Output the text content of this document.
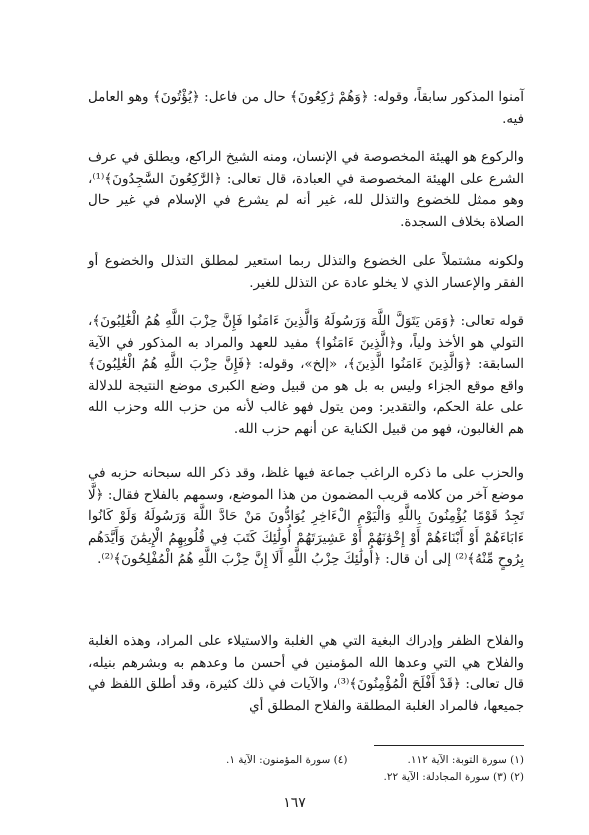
آمنوا المذكور سابقاً، وقوله: ﴿وَهُمْ رَٰكِعُونَ﴾ حال من فاعل: ﴿يُؤْتُونَ﴾ وهو العامل فيه.

والركوع هو الهيئة المخصوصة في الإنسان، ومنه الشيخ الراكع، ويطلق في عرف الشرع على الهيئة المخصوصة في العبادة، قال تعالى: ﴿الرَّٰكِعُونَ السَّٰجِدُونَ﴾⁽¹⁾، وهو ممثل للخضوع والتذلل لله، غير أنه لم يشرع في الإسلام في غير حال الصلاة بخلاف السجدة.

ولكونه مشتملاً على الخضوع والتذلل ربما استعير لمطلق التذلل والخضوع أو الفقر والإعسار الذي لا يخلو عادة عن التذلل للغير.

قوله تعالى: ﴿وَمَن يَتَوَلَّ اللَّهَ وَرَسُولَهُ وَالَّذِينَ ءَامَنُوا فَإِنَّ حِزْبَ اللَّهِ هُمُ الْغَٰلِبُونَ﴾، التولي هو الأخذ ولياً، و﴿الَّذِينَ ءَامَنُوا﴾ مفيد للعهد والمراد به المذكور في الآية السابقة: ﴿وَالَّذِينَ ءَامَنُوا الَّذِينَ﴾، «إلخ»، وقوله: ﴿فَإِنَّ حِزْبَ اللَّهِ هُمُ الْغَٰلِبُونَ﴾ واقع موقع الجزاء وليس به بل هو من قبيل وضع الكبرى موضع النتيجة للدلالة على علة الحكم، والتقدير: ومن يتول فهو غالب لأنه من حزب الله وحزب الله هم الغالبون، فهو من قبيل الكناية عن أنهم حزب الله.

والحزب على ما ذكره الراغب جماعة فيها غلظ، وقد ذكر الله سبحانه حزبه في موضع آخر من كلامه قريب المضمون من هذا الموضع، وسمهم بالفلاح فقال: ﴿لَّا تَجِدُ قَوْمًا يُؤْمِنُونَ بِاللَّهِ وَالْيَوْمِ الْءَاخِرِ يُوَادُّونَ مَنْ حَادَّ اللَّهَ وَرَسُولَهُ وَلَوْ كَانُوا ءَابَاءَهُمْ أَوْ أَبْنَاءَهُمْ أَوْ إِخْوَٰنَهُمْ أَوْ عَشِيرَتَهُمْ أُولَٰئِكَ كَتَبَ فِي قُلُوبِهِمُ الْإِيمَٰنَ وَأَيَّدَهُم بِرُوحٍ مِّنْهُ﴾⁽²⁾ إلى أن قال: ﴿أُولَٰئِكَ حِزْبُ اللَّهِ أَلَا إِنَّ حِزْبَ اللَّهِ هُمُ الْمُفْلِحُونَ﴾⁽²⁾.

والفلاح الظفر وإدراك البغية التي هي الغلبة والاستيلاء على المراد، وهذه الغلبة والفلاح هي التي وعدها الله المؤمنين في أحسن ما وعدهم به وبشرهم بنيله، قال تعالى: ﴿قَدْ أَفْلَحَ الْمُؤْمِنُونَ﴾⁽³⁾، والآيات في ذلك كثيرة، وقد أطلق اللفظ في جميعها، فالمراد الغلبة المطلقة والفلاح المطلق أي

(١) سورة التوبة: الآية ١١٢.
(٤) سورة المؤمنون: الآية ١.
(٢) (٣) سورة المجادلة: الآية ٢٢.
١٦٧
